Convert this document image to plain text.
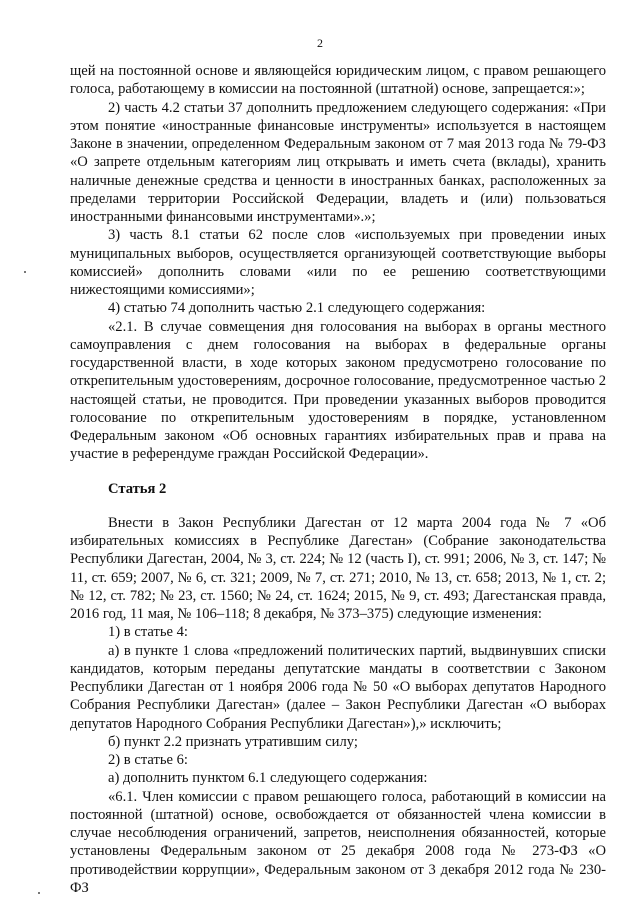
2

щей на постоянной основе и являющейся юридическим лицом, с правом решающего голоса, работающему в комиссии на постоянной (штатной) основе, запрещается:»;

2) часть 4.2 статьи 37 дополнить предложением следующего содержания: «При этом понятие «иностранные финансовые инструменты» используется в настоящем Законе в значении, определенном Федеральным законом от 7 мая 2013 года № 79-ФЗ «О запрете отдельным категориям лиц открывать и иметь счета (вклады), хранить наличные денежные средства и ценности в иностранных банках, расположенных за пределами территории Российской Федерации, владеть и (или) пользоваться иностранными финансовыми инструментами».»;

3) часть 8.1 статьи 62 после слов «используемых при проведении иных муниципальных выборов, осуществляется организующей соответствующие выборы комиссией» дополнить словами «или по ее решению соответствующими нижестоящими комиссиями»;

4) статью 74 дополнить частью 2.1 следующего содержания:

«2.1. В случае совмещения дня голосования на выборах в органы местного самоуправления с днем голосования на выборах в федеральные органы государственной власти, в ходе которых законом предусмотрено голосование по открепительным удостоверениям, досрочное голосование, предусмотренное частью 2 настоящей статьи, не проводится. При проведении указанных выборов проводится голосование по открепительным удостоверениям в порядке, установленном Федеральным законом «Об основных гарантиях избирательных прав и права на участие в референдуме граждан Российской Федерации».

Статья 2

Внести в Закон Республики Дагестан от 12 марта 2004 года № 7 «Об избирательных комиссиях в Республике Дагестан» (Собрание законодательства Республики Дагестан, 2004, № 3, ст. 224; № 12 (часть I), ст. 991; 2006, № 3, ст. 147; № 11, ст. 659; 2007, № 6, ст. 321; 2009, № 7, ст. 271; 2010, № 13, ст. 658; 2013, № 1, ст. 2; № 12, ст. 782; № 23, ст. 1560; № 24, ст. 1624; 2015, № 9, ст. 493; Дагестанская правда, 2016 год, 11 мая, № 106–118; 8 декабря, № 373–375) следующие изменения:

1) в статье 4:

а) в пункте 1 слова «предложений политических партий, выдвинувших списки кандидатов, которым переданы депутатские мандаты в соответствии с Законом Республики Дагестан от 1 ноября 2006 года № 50 «О выборах депутатов Народного Собрания Республики Дагестан» (далее – Закон Республики Дагестан «О выборах депутатов Народного Собрания Республики Дагестан»),» исключить;

б) пункт 2.2 признать утратившим силу;

2) в статье 6:

а) дополнить пунктом 6.1 следующего содержания:

«6.1. Член комиссии с правом решающего голоса, работающий в комиссии на постоянной (штатной) основе, освобождается от обязанностей члена комиссии в случае несоблюдения ограничений, запретов, неисполнения обязанностей, которые установлены Федеральным законом от 25 декабря 2008 года № 273-ФЗ «О противодействии коррупции», Федеральным законом от 3 декабря 2012 года № 230-ФЗ
